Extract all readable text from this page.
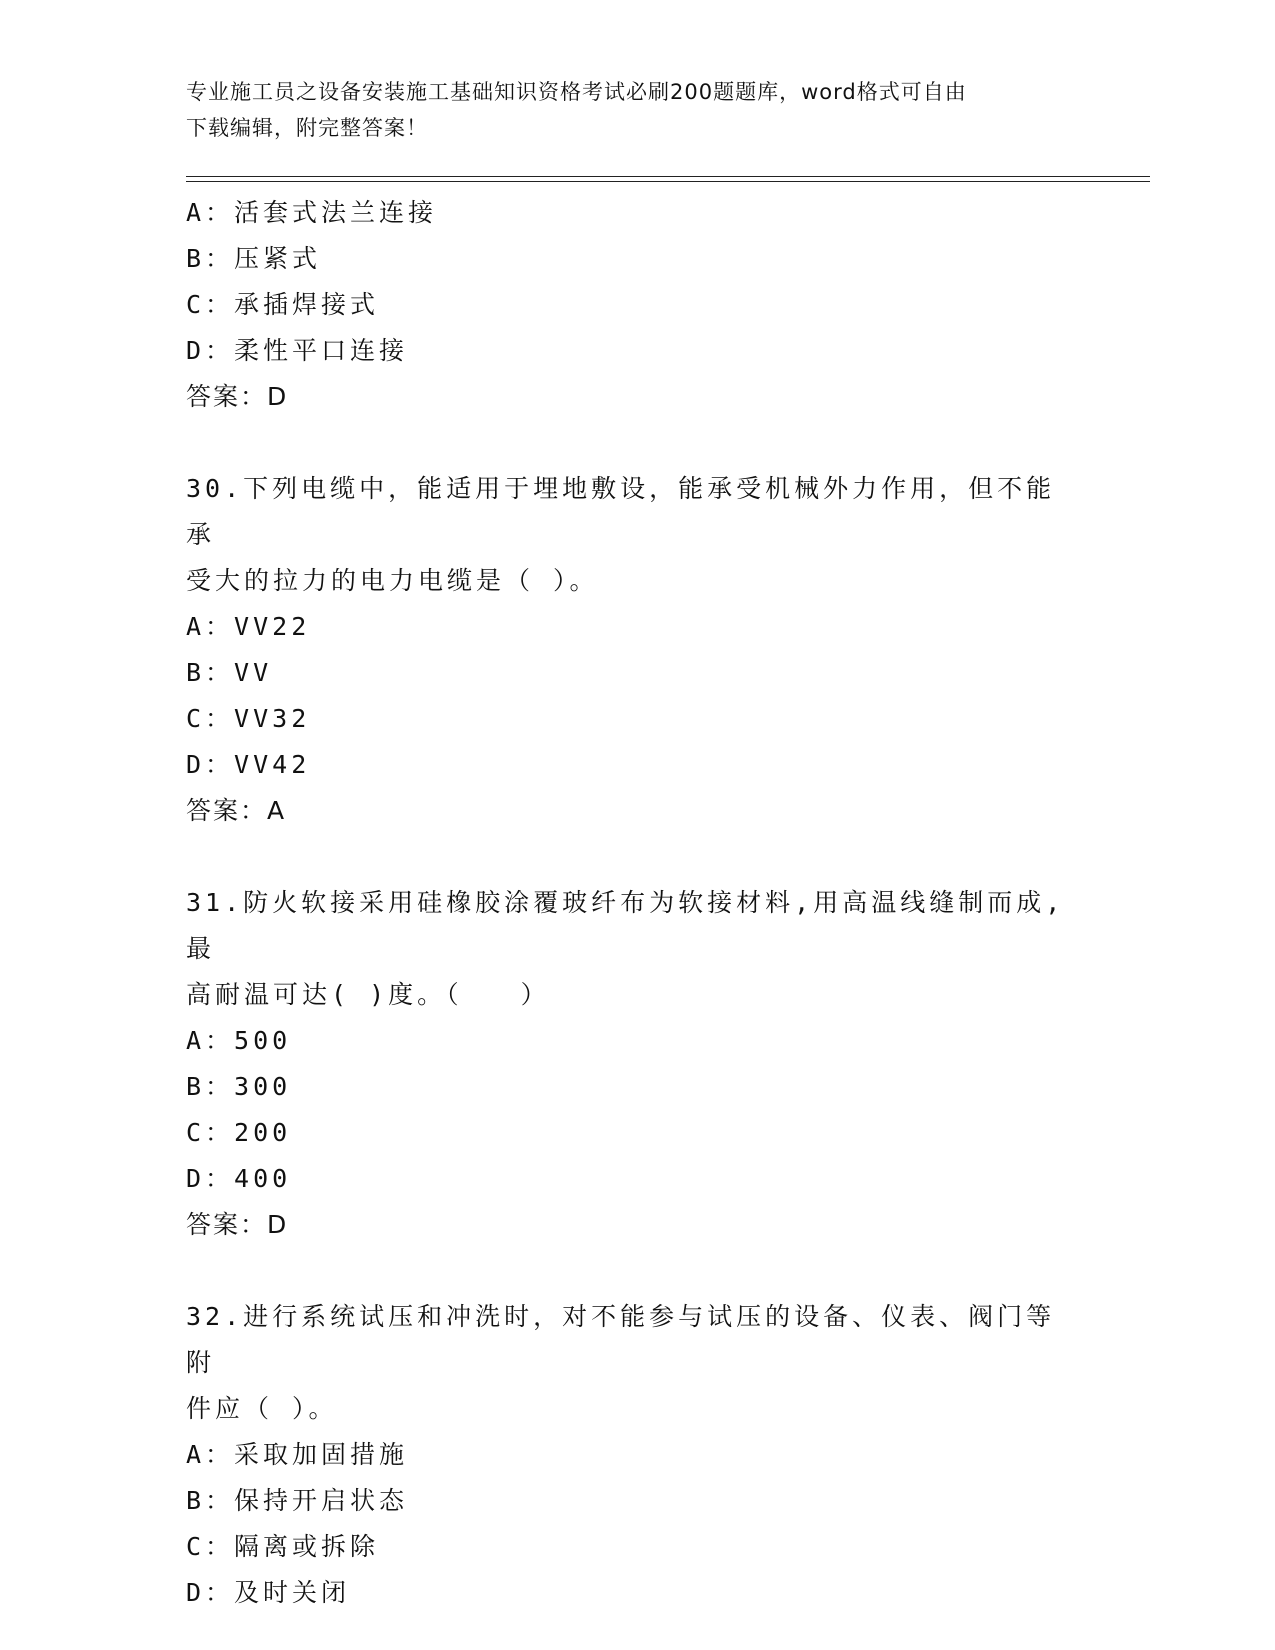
专业施工员之设备安装施工基础知识资格考试必刷200题题库，word格式可自由
下载编辑，附完整答案！
A：活套式法兰连接
B：压紧式
C：承插焊接式
D：柔性平口连接
答案：D
30.下列电缆中，能适用于埋地敷设，能承受机械外力作用，但不能承
受大的拉力的电力电缆是（ ）。
A：VV22
B：VV
C：VV32
D：VV42
答案：A
31.防火软接采用硅橡胶涂覆玻纤布为软接材料,用高温线缝制而成,最
高耐温可达( )度。（　　）
A：500
B：300
C：200
D：400
答案：D
32.进行系统试压和冲洗时，对不能参与试压的设备、仪表、阀门等附
件应（ ）。
A：采取加固措施
B：保持开启状态
C：隔离或拆除
D：及时关闭
